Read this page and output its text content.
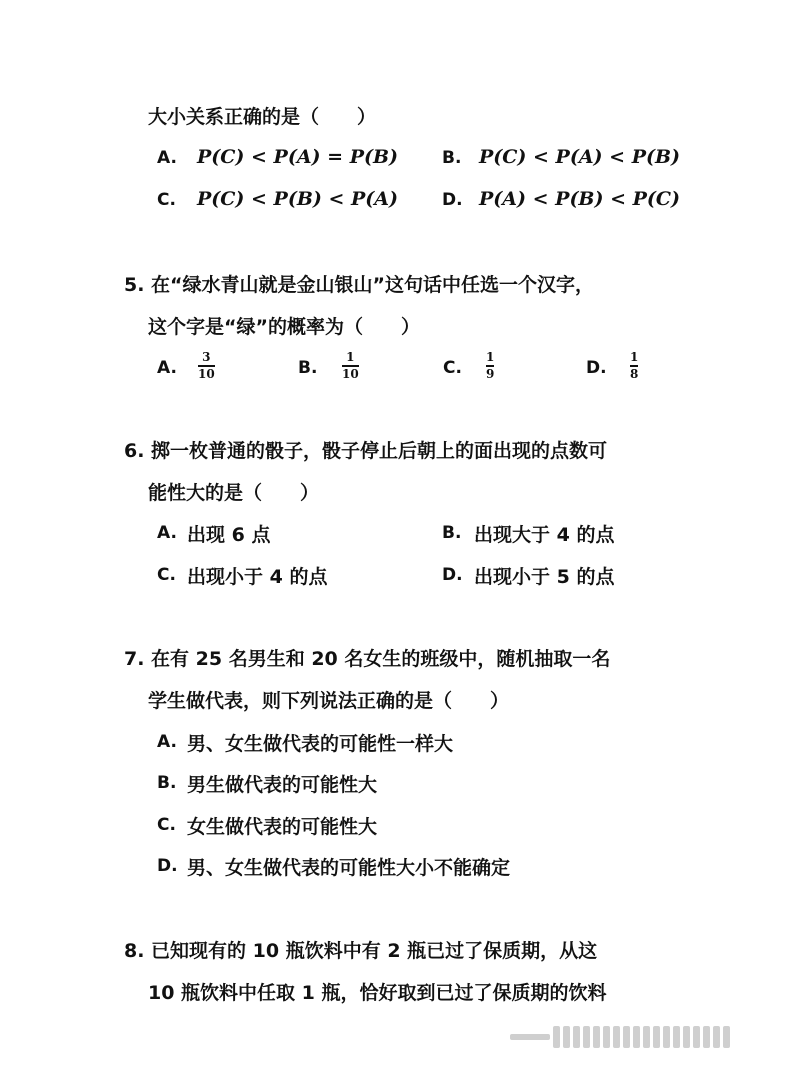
大小关系正确的是（　　）
A. P(C) < P(A) = P(B)	B. P(C) < P(A) < P(B)
C. P(C) < P(B) < P(A)	D. P(A) < P(B) < P(C)
5. 在“绿水青山就是金山银山”这句话中任选一个汉字，
这个字是“绿”的概率为（　　）
A.
3
10	B.
1
10	C.
1
9	D.
1
8
6. 掷一枚普通的骰子，骰子停止后朝上的面出现的点数可
能性大的是（　　）
A. 出现 6 点	B. 出现大于 4 的点
C. 出现小于 4 的点	D. 出现小于 5 的点
7. 在有 25 名男生和 20 名女生的班级中，随机抽取一名
学生做代表，则下列说法正确的是（　　）
A. 男、女生做代表的可能性一样大
B. 男生做代表的可能性大
C. 女生做代表的可能性大
D. 男、女生做代表的可能性大小不能确定
8. 已知现有的 10 瓶饮料中有 2 瓶已过了保质期，从这
10 瓶饮料中任取 1 瓶，恰好取到已过了保质期的饮料
